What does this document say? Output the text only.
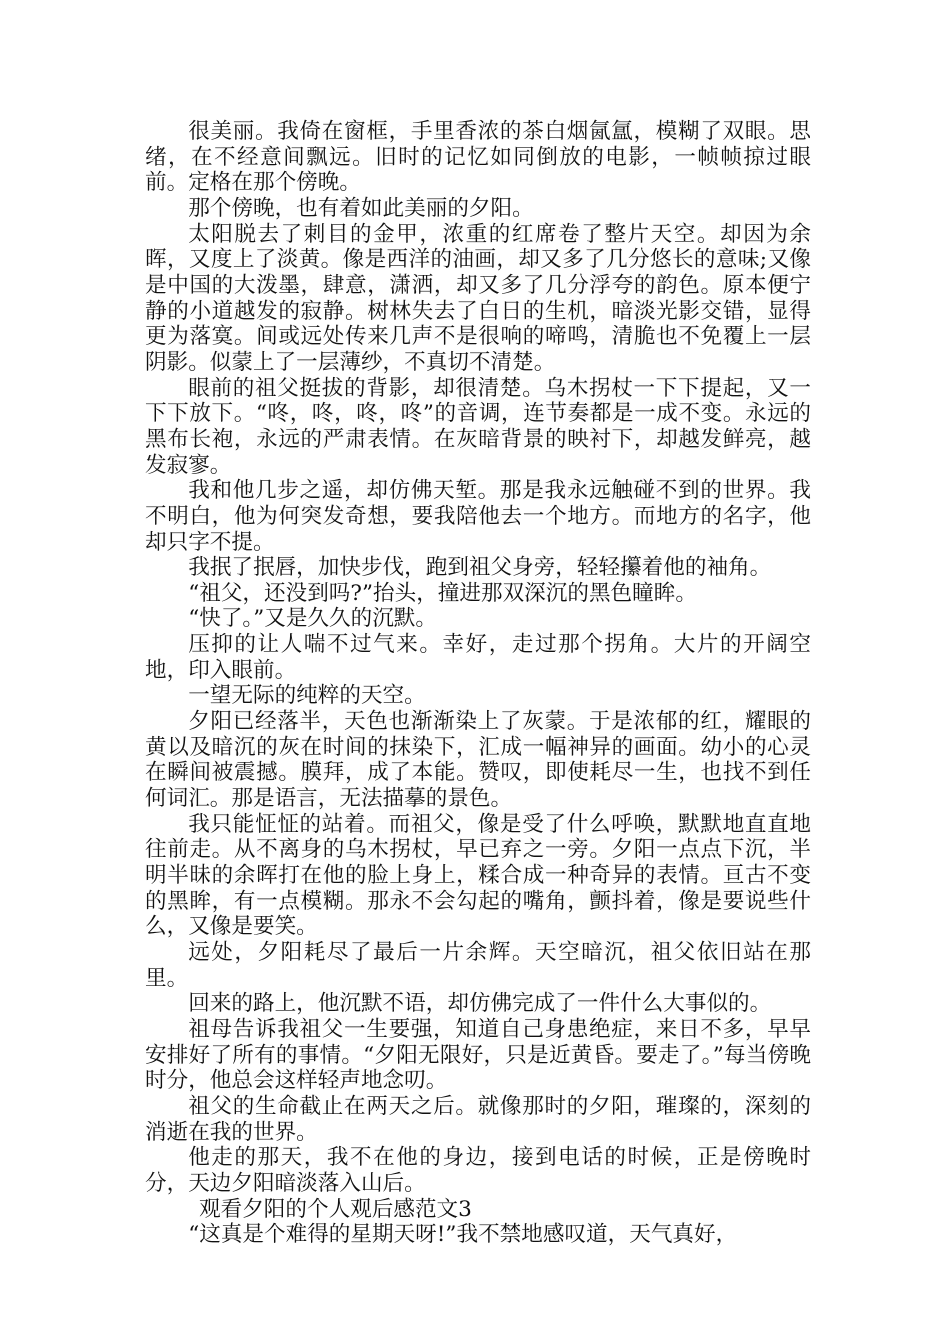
很美丽。我倚在窗框，手里香浓的茶白烟氤氲，模糊了双眼。思绪，在不经意间飘远。旧时的记忆如同倒放的电影，一帧帧掠过眼前。定格在那个傍晚。

那个傍晚，也有着如此美丽的夕阳。

太阳脱去了刺目的金甲，浓重的红席卷了整片天空。却因为余晖，又度上了淡黄。像是西洋的油画，却又多了几分悠长的意味;又像是中国的大泼墨，肆意，潇洒，却又多了几分浮夸的韵色。原本便宁静的小道越发的寂静。树林失去了白日的生机，暗淡光影交错，显得更为落寞。间或远处传来几声不是很响的啼鸣，清脆也不免覆上一层阴影。似蒙上了一层薄纱，不真切不清楚。

眼前的祖父挺拔的背影，却很清楚。乌木拐杖一下下提起，又一下下放下。“咚，咚，咚，咚”的音调，连节奏都是一成不变。永远的黑布长袍，永远的严肃表情。在灰暗背景的映衬下，却越发鲜亮，越发寂寥。

我和他几步之遥，却仿佛天堑。那是我永远触碰不到的世界。我不明白，他为何突发奇想，要我陪他去一个地方。而地方的名字，他却只字不提。

我抿了抿唇，加快步伐，跑到祖父身旁，轻轻攥着他的袖角。

“祖父，还没到吗?”抬头，撞进那双深沉的黑色瞳眸。

“快了。”又是久久的沉默。

压抑的让人喘不过气来。幸好，走过那个拐角。大片的开阔空地，印入眼前。

一望无际的纯粹的天空。

夕阳已经落半，天色也渐渐染上了灰蒙。于是浓郁的红，耀眼的黄以及暗沉的灰在时间的抹染下，汇成一幅神异的画面。幼小的心灵在瞬间被震撼。膜拜，成了本能。赞叹，即使耗尽一生，也找不到任何词汇。那是语言，无法描摹的景色。

我只能怔怔的站着。而祖父，像是受了什么呼唤，默默地直直地往前走。从不离身的乌木拐杖，早已弃之一旁。夕阳一点点下沉，半明半昧的余晖打在他的脸上身上，糅合成一种奇异的表情。亘古不变的黑眸，有一点模糊。那永不会勾起的嘴角，颤抖着，像是要说些什么，又像是要笑。

远处，夕阳耗尽了最后一片余辉。天空暗沉，祖父依旧站在那里。

回来的路上，他沉默不语，却仿佛完成了一件什么大事似的。

祖母告诉我祖父一生要强，知道自己身患绝症，来日不多，早早安排好了所有的事情。“夕阳无限好，只是近黄昏。要走了。”每当傍晚时分，他总会这样轻声地念叨。

祖父的生命截止在两天之后。就像那时的夕阳，璀璨的，深刻的消逝在我的世界。

他走的那天，我不在他的身边，接到电话的时候，正是傍晚时分，天边夕阳暗淡落入山后。

观看夕阳的个人观后感范文3

“这真是个难得的星期天呀!”我不禁地感叹道，天气真好，
